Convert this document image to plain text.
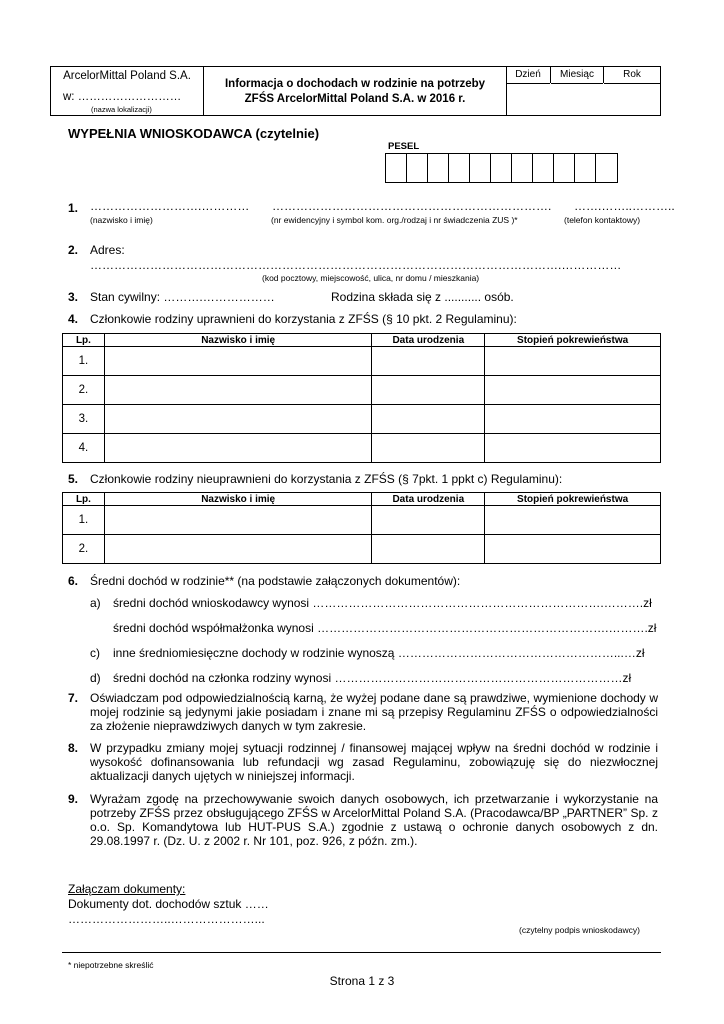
ArcelorMittal Poland S.A.
w: ………………………
(nazwa lokalizacji)
Informacja o dochodach w rodzinie na potrzeby ZFŚS ArcelorMittal Poland S.A. w 2016 r.
Dzień	Miesiąc	Rok
WYPEŁNIA WNIOSKODAWCA (czytelnie)
PESEL
1. ……………………….………… ……………………………………………………………. …….……..………..
(nazwisko i imię)	(nr ewidencyjny i symbol kom. org./rodzaj i nr świadczenia ZUS )*	(telefon kontaktowy)
2. Adres:
……………………………………………………………………………………………………….……………
(kod pocztowy, miejscowość, ulica, nr domu / mieszkania)
3. Stan cywilny: ……….………………	Rodzina składa się z ........... osób.
4. Członkowie rodziny uprawnieni do korzystania z ZFŚS (§ 10 pkt. 2 Regulaminu):
Lp.	Nazwisko i imię	Data urodzenia	Stopień pokrewieństwa
1.			
2.			
3.			
4.			
5. Członkowie rodziny nieuprawnieni do korzystania z ZFŚS (§ 7pkt. 1 ppkt c) Regulaminu):
Lp.	Nazwisko i imię	Data urodzenia	Stopień pokrewieństwa
1.			
2.			
6. Średni dochód w rodzinie** (na podstawie załączonych dokumentów):
a) średni dochód wnioskodawcy wynosi ……………………………………………………………….……….zł
średni dochód współmałżonka wynosi ……………………………………………………………….……….zł
c) inne średniomiesięczne dochody w rodzinie wynoszą ………………………………………………...…zł
d) średni dochód na członka rodziny wynosi ………………………………………………………………zł
7. Oświadczam pod odpowiedzialnością karną, że wyżej podane dane są prawdziwe, wymienione dochody w mojej rodzinie są jedynymi jakie posiadam i znane mi są przepisy Regulaminu ZFŚS o odpowiedzialności za złożenie nieprawdziwych danych w tym zakresie.
8. W przypadku zmiany mojej sytuacji rodzinnej / finansowej mającej wpływ na średni dochód w rodzinie i wysokość dofinansowania lub refundacji wg zasad Regulaminu, zobowiązuję się do niezwłocznej aktualizacji danych ujętych w niniejszej informacji.
9. Wyrażam zgodę na przechowywanie swoich danych osobowych, ich przetwarzanie i wykorzystanie na potrzeby ZFŚS przez obsługującego ZFŚS w ArcelorMittal Poland S.A. (Pracodawca/BP „PARTNER” Sp. z o.o. Sp. Komandytowa lub HUT-PUS S.A.) zgodnie z ustawą o ochronie danych osobowych z dn. 29.08.1997 r. (Dz. U. z 2002 r. Nr 101, poz. 926, z późn. zm.).
Załączam dokumenty:
Dokumenty dot. dochodów sztuk ……
……………………..…………………...
(czytelny podpis wnioskodawcy)
* niepotrzebne skreślić
Strona 1 z 3
